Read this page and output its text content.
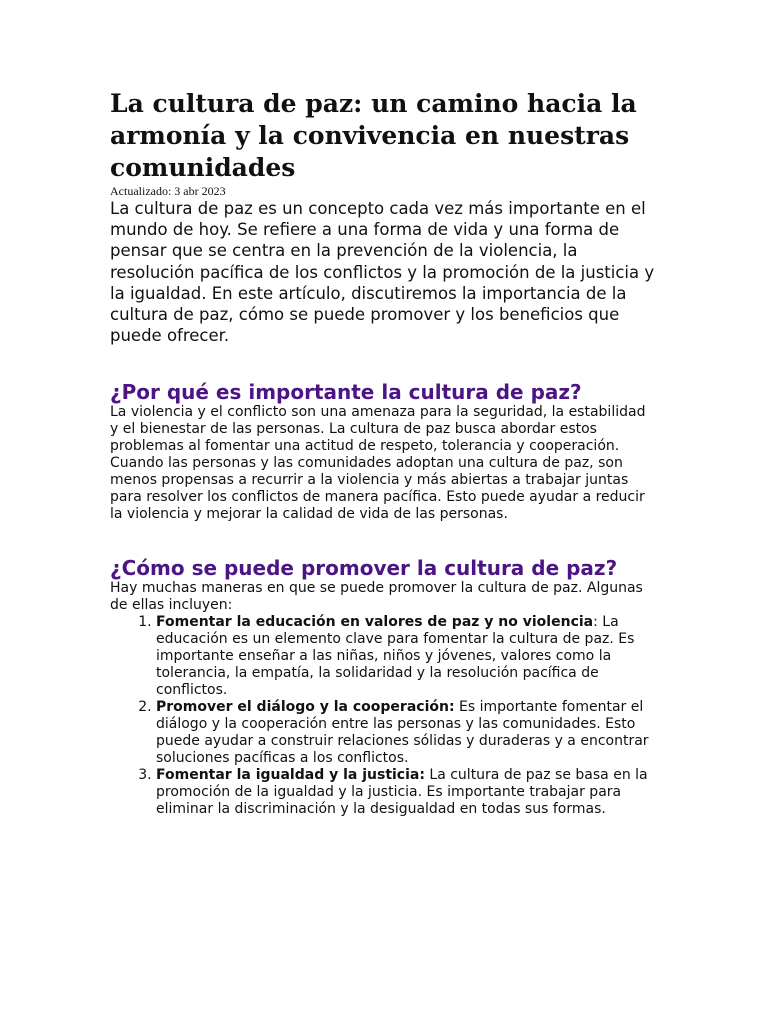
La cultura de paz: un camino hacia la armonía y la convivencia en nuestras comunidades

Actualizado: 3 abr 2023

La cultura de paz es un concepto cada vez más importante en el mundo de hoy. Se refiere a una forma de vida y una forma de pensar que se centra en la prevención de la violencia, la resolución pacífica de los conflictos y la promoción de la justicia y la igualdad. En este artículo, discutiremos la importancia de la cultura de paz, cómo se puede promover y los beneficios que puede ofrecer.

¿Por qué es importante la cultura de paz?

La violencia y el conflicto son una amenaza para la seguridad, la estabilidad y el bienestar de las personas. La cultura de paz busca abordar estos problemas al fomentar una actitud de respeto, tolerancia y cooperación. Cuando las personas y las comunidades adoptan una cultura de paz, son menos propensas a recurrir a la violencia y más abiertas a trabajar juntas para resolver los conflictos de manera pacífica. Esto puede ayudar a reducir la violencia y mejorar la calidad de vida de las personas.

¿Cómo se puede promover la cultura de paz?

Hay muchas maneras en que se puede promover la cultura de paz. Algunas de ellas incluyen:

1. Fomentar la educación en valores de paz y no violencia: La educación es un elemento clave para fomentar la cultura de paz. Es importante enseñar a las niñas, niños y jóvenes, valores como la tolerancia, la empatía, la solidaridad y la resolución pacífica de conflictos.
2. Promover el diálogo y la cooperación: Es importante fomentar el diálogo y la cooperación entre las personas y las comunidades. Esto puede ayudar a construir relaciones sólidas y duraderas y a encontrar soluciones pacíficas a los conflictos.
3. Fomentar la igualdad y la justicia: La cultura de paz se basa en la promoción de la igualdad y la justicia. Es importante trabajar para eliminar la discriminación y la desigualdad en todas sus formas.
